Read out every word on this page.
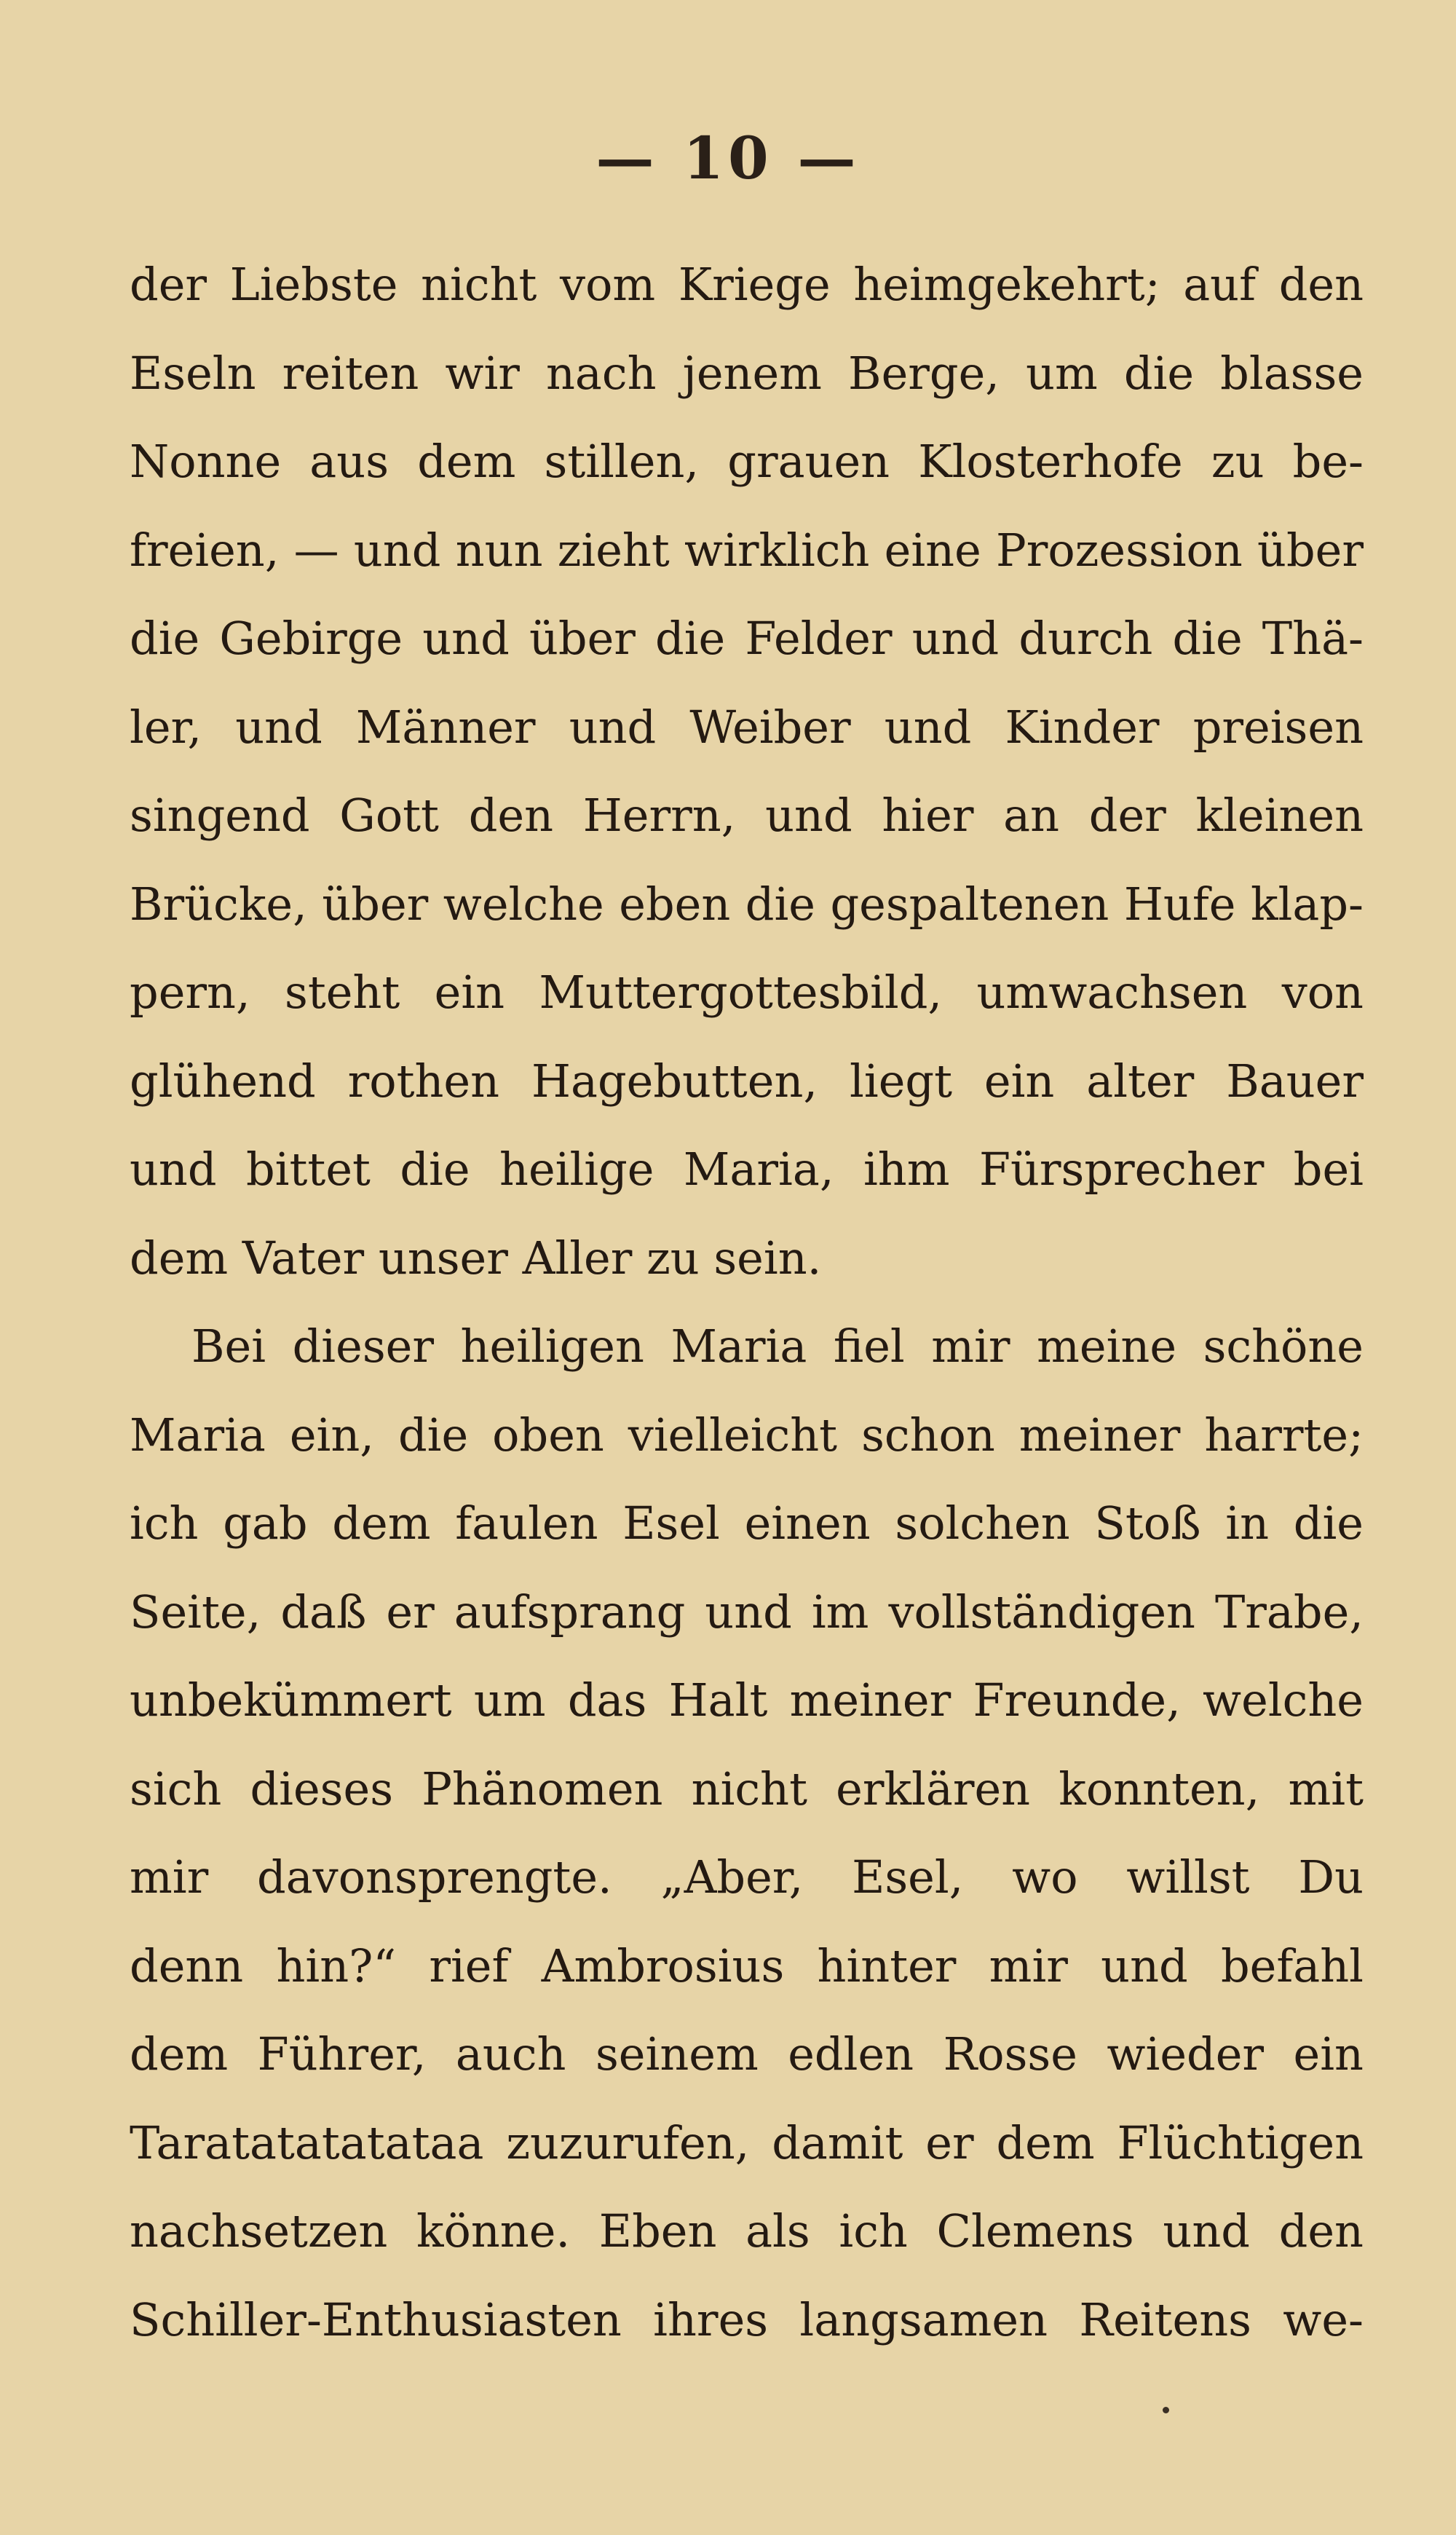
— 10 —
der Liebste nicht vom Kriege heimgekehrt; auf den
Eseln reiten wir nach jenem Berge, um die blasse
Nonne aus dem stillen, grauen Klosterhofe zu be-
freien, — und nun zieht wirklich eine Prozession über
die Gebirge und über die Felder und durch die Thä-
ler, und Männer und Weiber und Kinder preisen
singend Gott den Herrn, und hier an der kleinen
Brücke, über welche eben die gespaltenen Hufe klap-
pern, steht ein Muttergottesbild, umwachsen von
glühend rothen Hagebutten, liegt ein alter Bauer
und bittet die heilige Maria, ihm Fürsprecher bei
dem Vater unser Aller zu sein.
Bei dieser heiligen Maria fiel mir meine schöne
Maria ein, die oben vielleicht schon meiner harrte;
ich gab dem faulen Esel einen solchen Stoß in die
Seite, daß er aufsprang und im vollständigen Trabe,
unbekümmert um das Halt meiner Freunde, welche
sich dieses Phänomen nicht erklären konnten, mit
mir davonsprengte. „Aber, Esel, wo willst Du
denn hin?“ rief Ambrosius hinter mir und befahl
dem Führer, auch seinem edlen Rosse wieder ein
Taratatatatataa zuzurufen, damit er dem Flüchtigen
nachsetzen könne. Eben als ich Clemens und den
Schiller-Enthusiasten ihres langsamen Reitens we-
